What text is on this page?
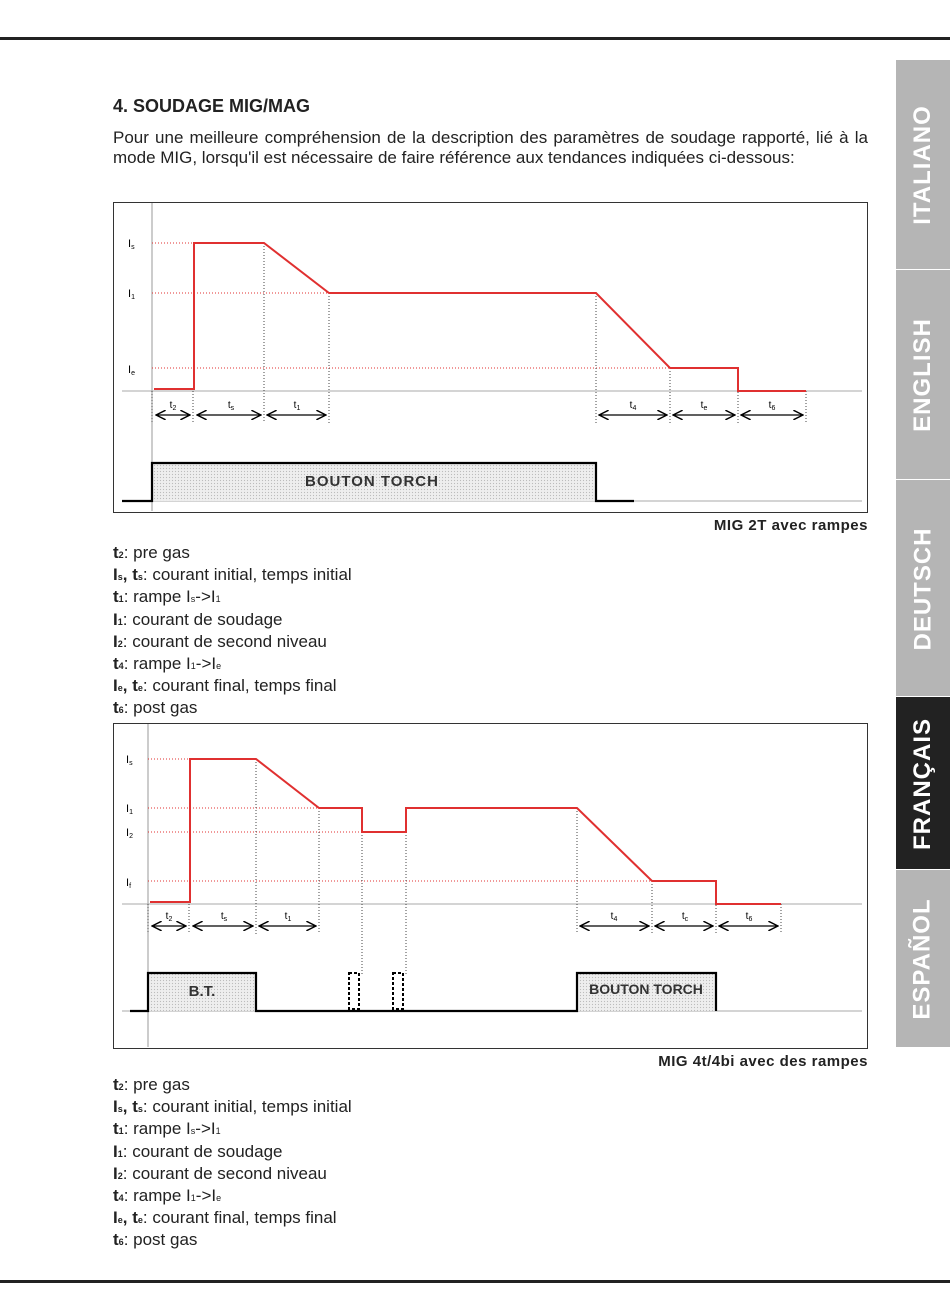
4. SOUDAGE MIG/MAG
Pour une meilleure compréhension de la description des paramètres de soudage rapporté, lié à la mode MIG, lorsqu'il est nécessaire de faire référence aux tendances indiquées ci-dessous:
Is
I1
Ie
$t_2$	$t_s$	$t_1$	$t_4$	$t_e$	$t_6$
BOUTON TORCH
MIG 2T avec rampes
t2: pre gas
Is, ts: courant initial, temps initial
t1: rampe Is->I1
I1: courant de soudage
I2: courant de second niveau
t4: rampe I1->Ie
Ie, te: courant final, temps final
t6: post gas
Is
I1
I2
If
$t_2$	$t_s$	$t_1$	$t_4$	$t_c$	$t_6$
B.T.	BOUTON TORCH
MIG 4t/4bi avec des rampes
t2: pre gas
Is, ts: courant initial, temps initial
t1: rampe Is->I1
I1: courant de soudage
I2: courant de second niveau
t4: rampe I1->Ie
Ie, te: courant final, temps final
t6: post gas
ITALIANO
ENGLISH
DEUTSCH
FRANÇAIS
ESPAÑOL
